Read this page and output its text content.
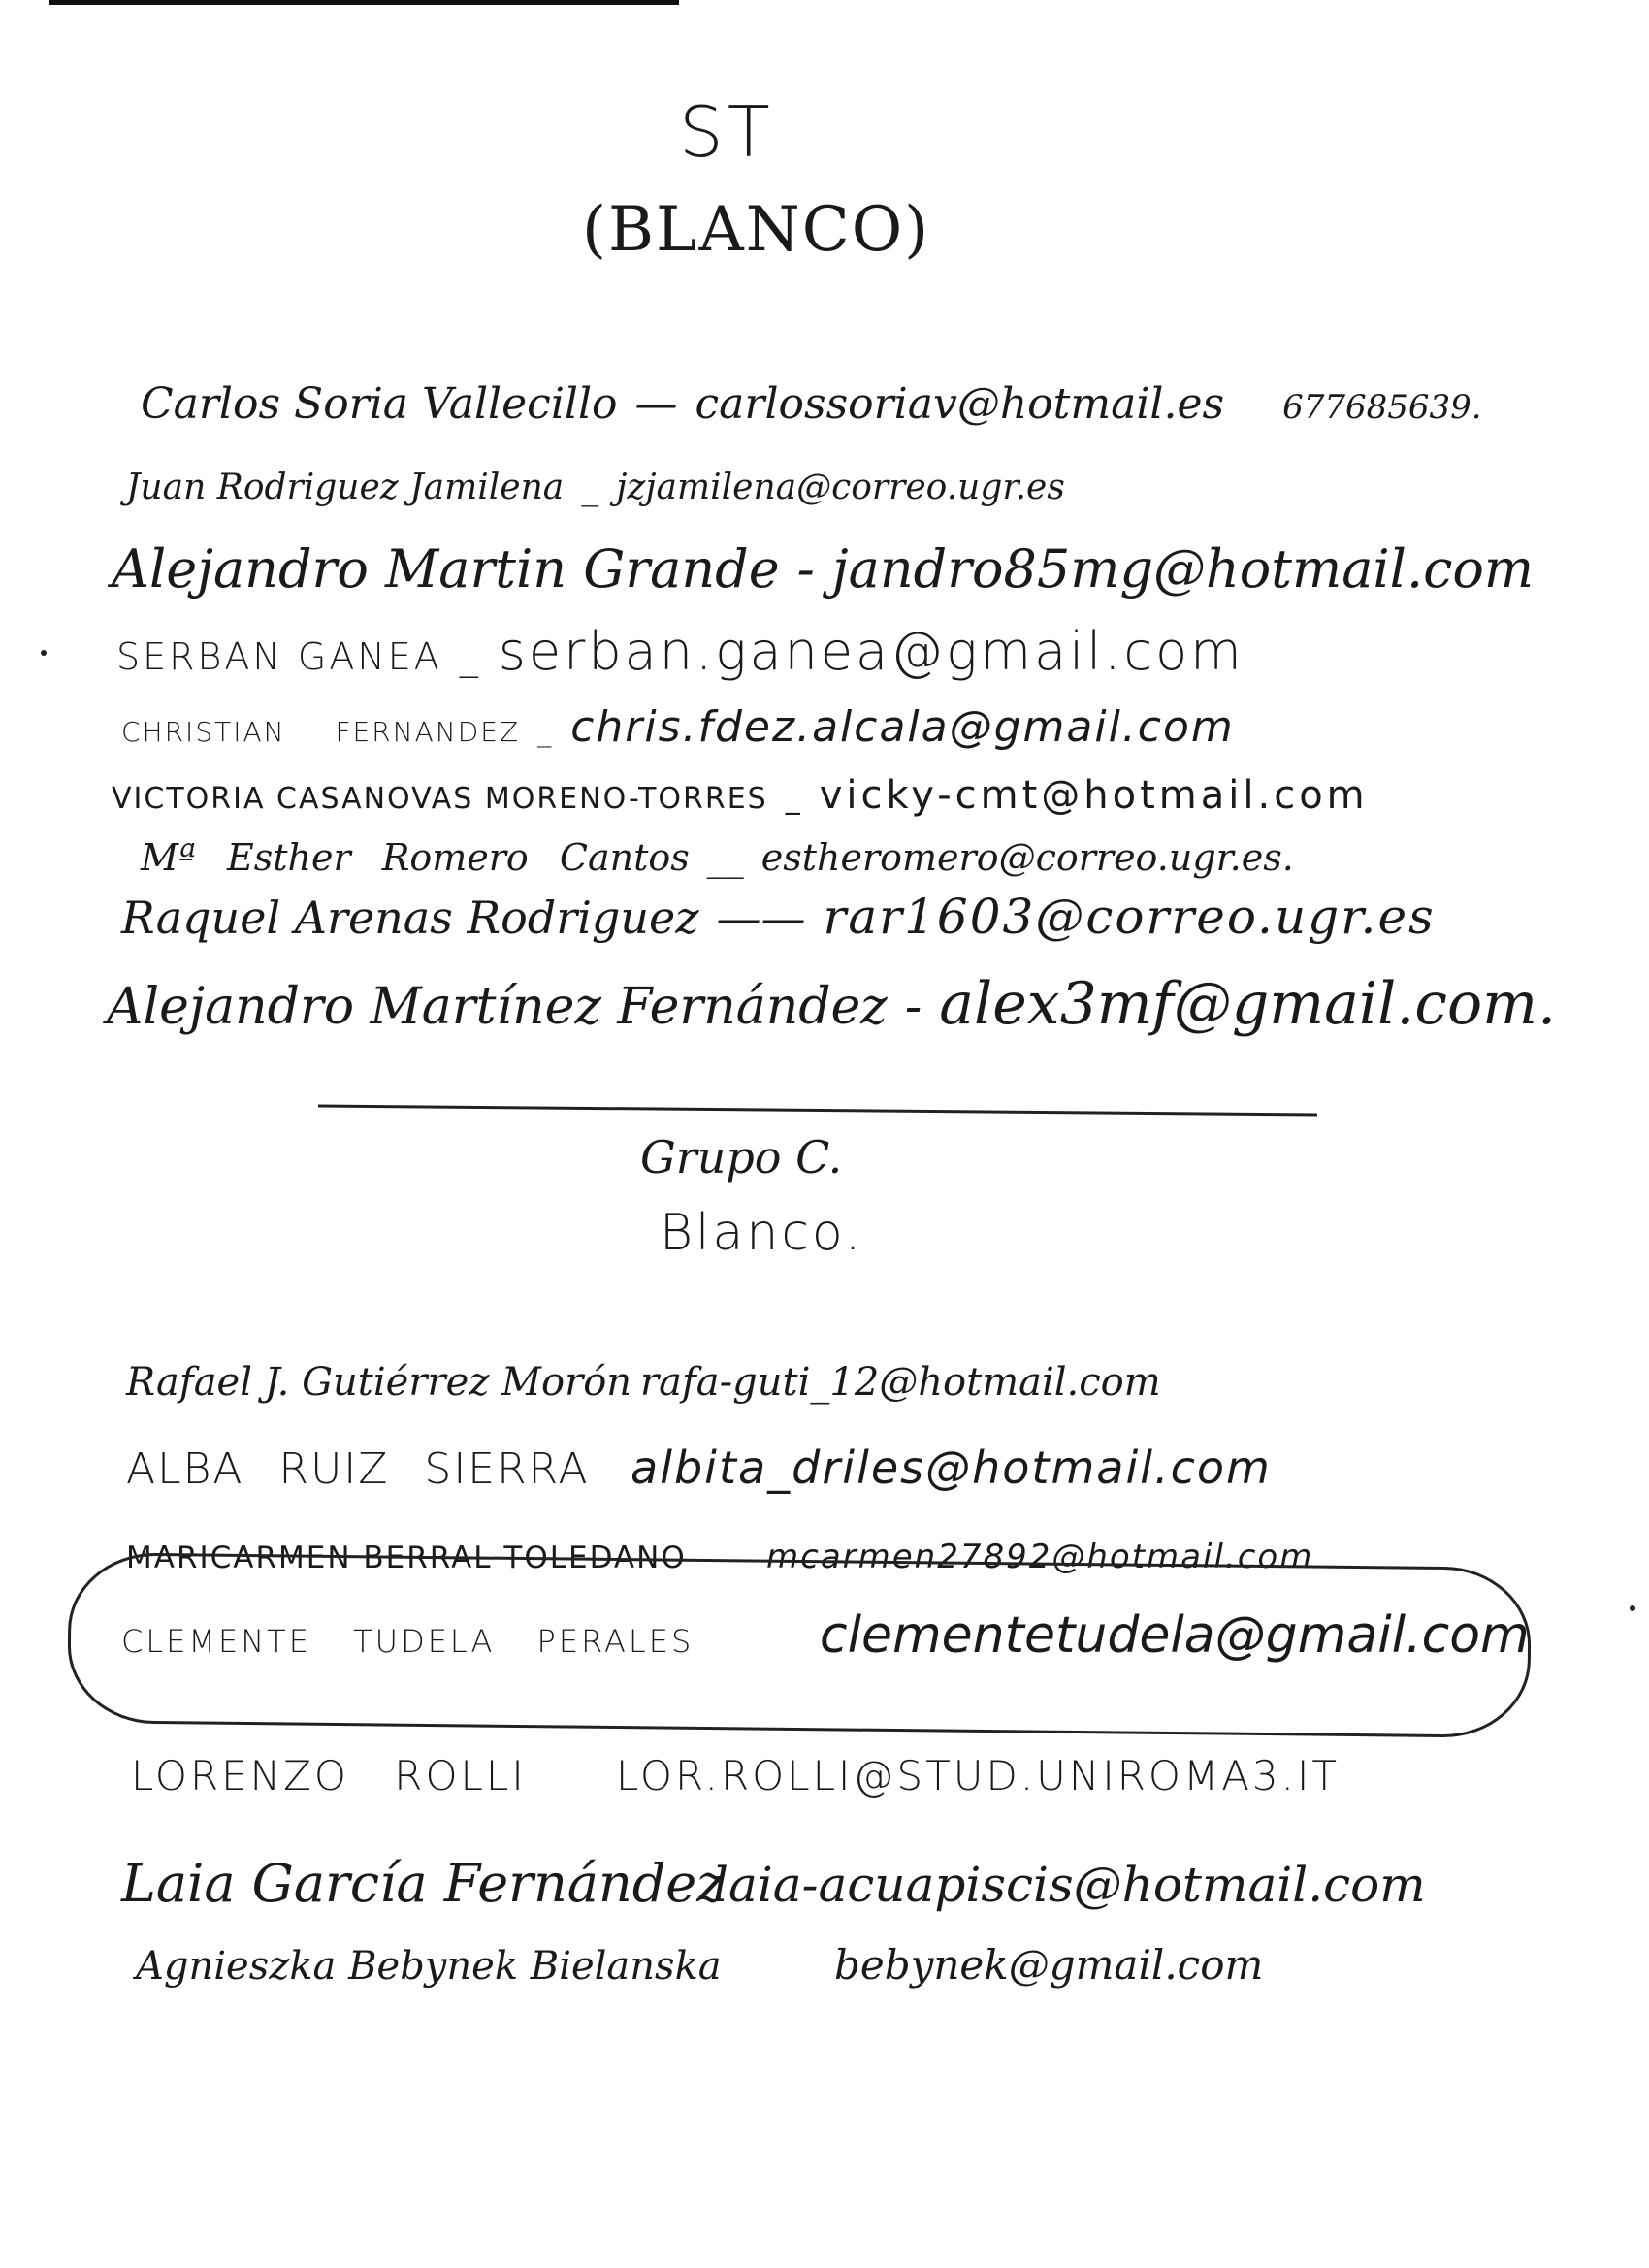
ST
(BLANCO)
Carlos Soria Vallecillo — carlossoriav@hotmail.es 677685639.
Juan Rodriguez Jamilena _ jzjamilena@correo.ugr.es
Alejandro Martin Grande - jandro85mg@hotmail.com
SERBAN GANEA _ serban.ganea@gmail.com
CHRISTIAN FERNANDEZ _ chris.fdez.alcala@gmail.com
VICTORIA CASANOVAS MORENO-TORRES _ vicky-cmt@hotmail.com
Mª Esther Romero Cantos __ estheromero@correo.ugr.es.
Raquel Arenas Rodriguez —— rar1603@correo.ugr.es
Alejandro Martínez Fernández - alex3mf@gmail.com.
Grupo C.
Blanco.
Rafael J. Gutiérrez Morón rafa-guti_12@hotmail.com
ALBA RUIZ SIERRA albita_driles@hotmail.com
MARICARMEN BERRAL TOLEDANO mcarmen27892@hotmail.com
CLEMENTE TUDELA PERALES clementetudela@gmail.com
LORENZO ROLLI LOR.ROLLI@STUD.UNIROMA3.IT
Laia García Fernándezlaia-acuapiscis@hotmail.com
Agnieszka Bebynek Bielanska	bebynek@gmail.com
